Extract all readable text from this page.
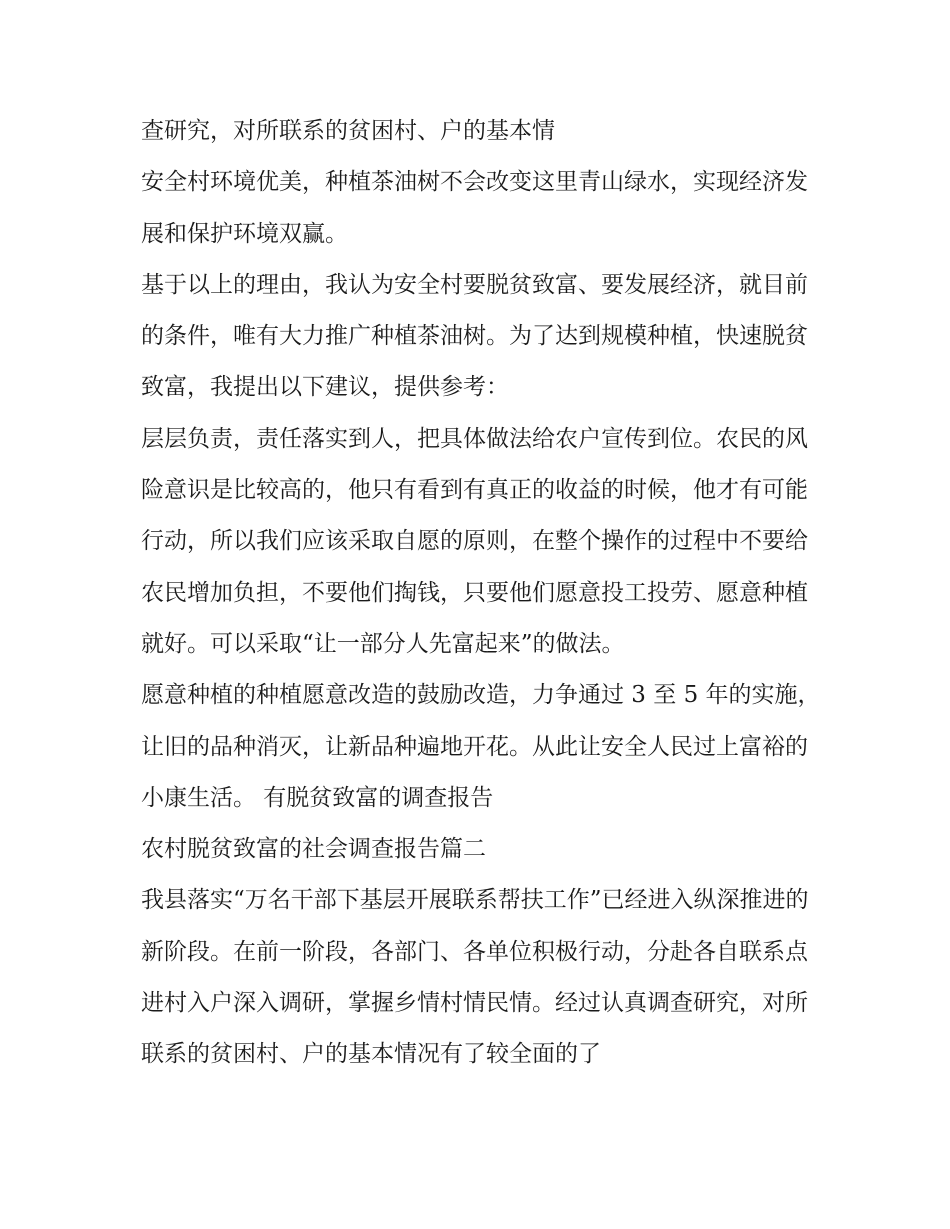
查研究，对所联系的贫困村、户的基本情

安全村环境优美，种植茶油树不会改变这里青山绿水，实现经济发展和保护环境双赢。

基于以上的理由，我认为安全村要脱贫致富、要发展经济，就目前的条件，唯有大力推广种植茶油树。为了达到规模种植，快速脱贫致富，我提出以下建议，提供参考：

层层负责，责任落实到人，把具体做法给农户宣传到位。农民的风险意识是比较高的，他只有看到有真正的收益的时候，他才有可能行动，所以我们应该采取自愿的原则，在整个操作的过程中不要给农民增加负担，不要他们掏钱，只要他们愿意投工投劳、愿意种植就好。可以采取“让一部分人先富起来”的做法。

愿意种植的种植愿意改造的鼓励改造，力争通过 3 至 5 年的实施，让旧的品种消灭，让新品种遍地开花。从此让安全人民过上富裕的小康生活。 有脱贫致富的调查报告

农村脱贫致富的社会调查报告篇二

我县落实“万名干部下基层开展联系帮扶工作”已经进入纵深推进的新阶段。在前一阶段，各部门、各单位积极行动，分赴各自联系点进村入户深入调研，掌握乡情村情民情。经过认真调查研究，对所联系的贫困村、户的基本情况有了较全面的了
